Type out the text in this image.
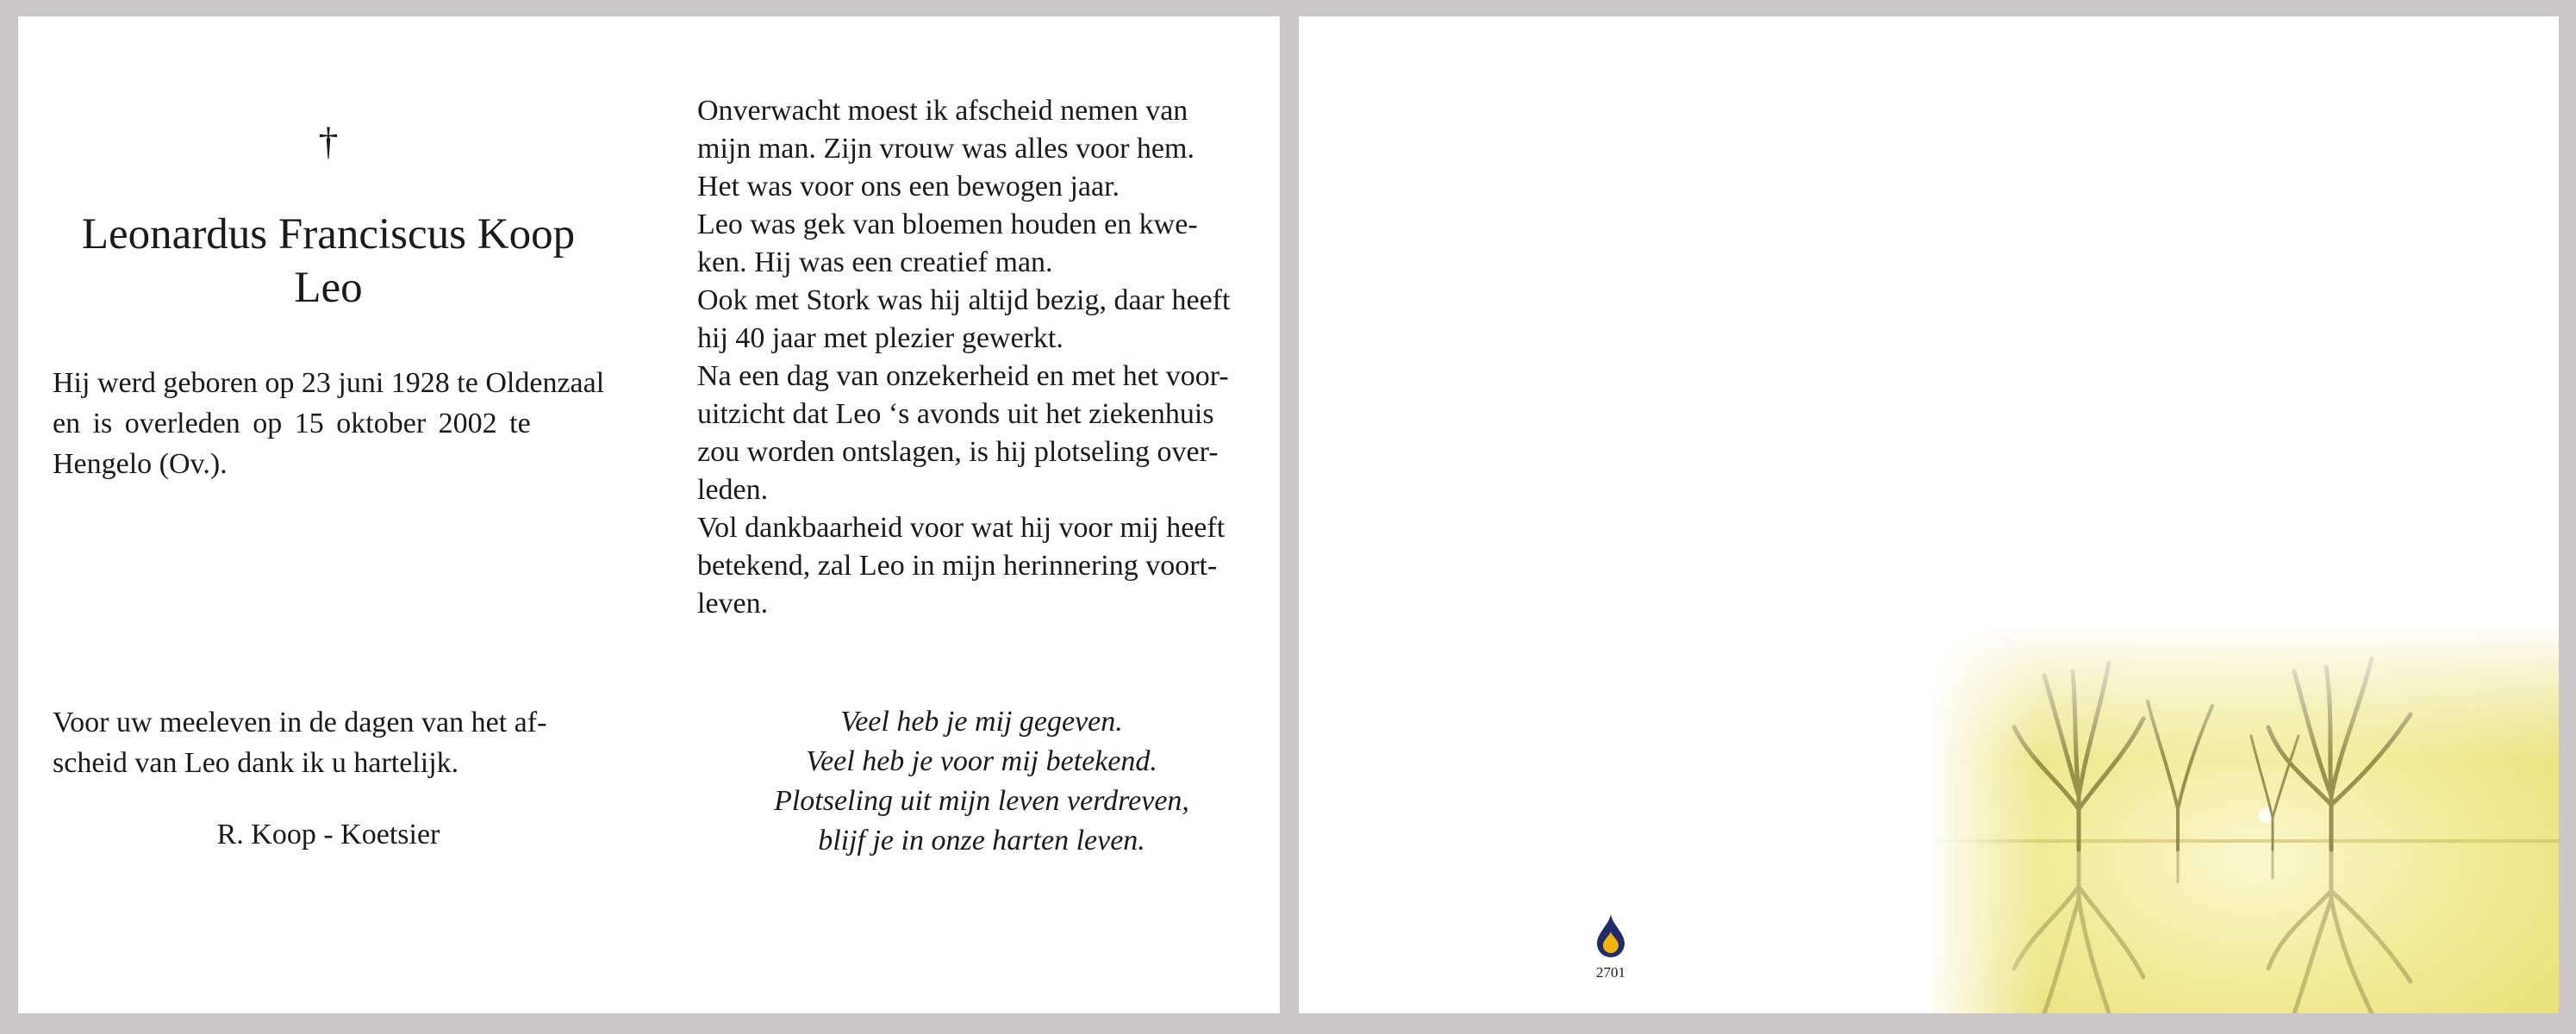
†
Leonardus Franciscus Koop
Leo
Hij werd geboren op 23 juni 1928 te Oldenzaal
en is overleden op 15 oktober 2002 te
Hengelo (Ov.).
Voor uw meeleven in de dagen van het af-
scheid van Leo dank ik u hartelijk.
R. Koop - Koetsier
Onverwacht moest ik afscheid nemen van
mijn man. Zijn vrouw was alles voor hem.
Het was voor ons een bewogen jaar.
Leo was gek van bloemen houden en kwe-
ken. Hij was een creatief man.
Ook met Stork was hij altijd bezig, daar heeft
hij 40 jaar met plezier gewerkt.
Na een dag van onzekerheid en met het voor-
uitzicht dat Leo ‘s avonds uit het ziekenhuis
zou worden ontslagen, is hij plotseling over-
leden.
Vol dankbaarheid voor wat hij voor mij heeft
betekend, zal Leo in mijn herinnering voort-
leven.
Veel heb je mij gegeven.
Veel heb je voor mij betekend.
Plotseling uit mijn leven verdreven,
blijf je in onze harten leven.
2701
